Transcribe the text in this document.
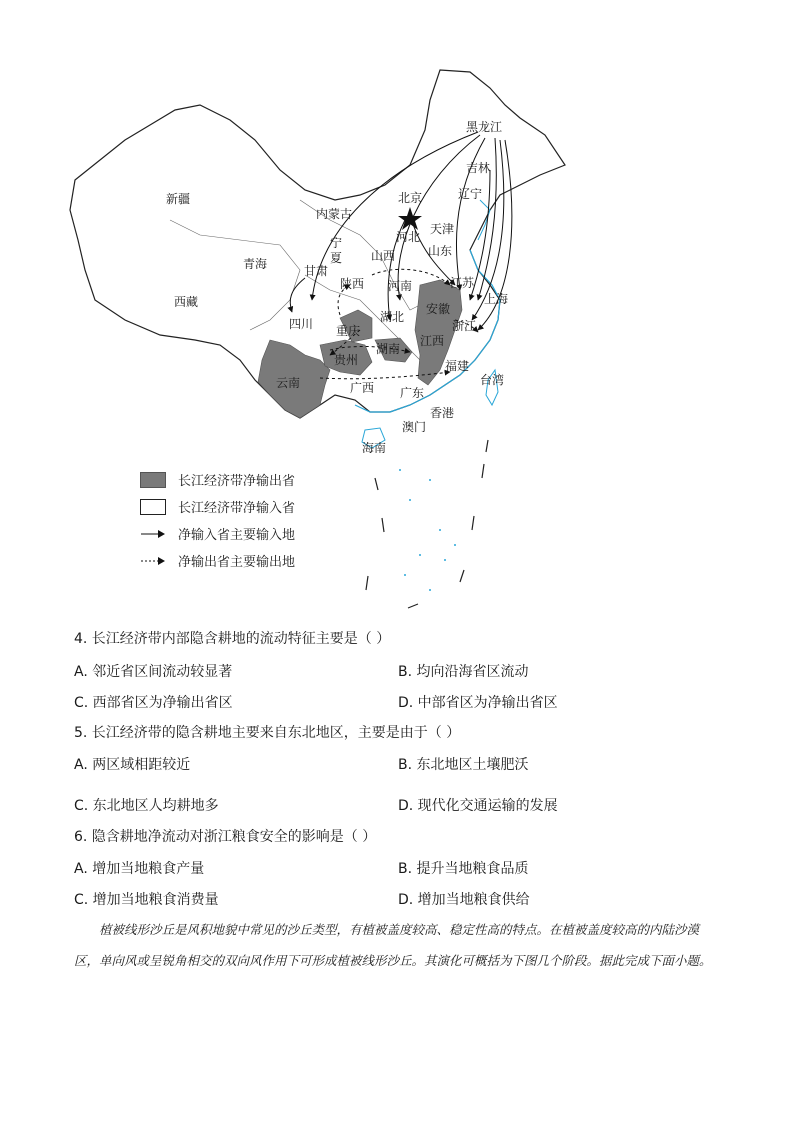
黑龙江
吉林
辽宁
北京
内蒙古
新疆
天津
河北
宁
夏 山西	山东
青海	甘肃
陕西 河南	江苏
上海
西藏
四川 重庆
湖北
安徽
浙江
贵州
湖南
江西
云南
福建
台湾
广西 广东
香港
澳门
海南
长江经济带净输出省
长江经济带净输入省
净输入省主要输入地
净输出省主要输出地
4. 长江经济带内部隐含耕地的流动特征主要是（ ）
A. 邻近省区间流动较显著	B. 均向沿海省区流动
C. 西部省区为净输出省区	D. 中部省区为净输出省区
5. 长江经济带的隐含耕地主要来自东北地区，主要是由于（ ）
A. 两区域相距较近	B. 东北地区土壤肥沃
C. 东北地区人均耕地多	D. 现代化交通运输的发展
6. 隐含耕地净流动对浙江粮食安全的影响是（ ）
A. 增加当地粮食产量	B. 提升当地粮食品质
C. 增加当地粮食消费量	D. 增加当地粮食供给
植被线形沙丘是风积地貌中常见的沙丘类型，有植被盖度较高、稳定性高的特点。在植被盖度较高的内陆沙漠区，单向风或呈锐角相交的双向风作用下可形成植被线形沙丘。其演化可概括为下图几个阶段。据此完成下面小题。
